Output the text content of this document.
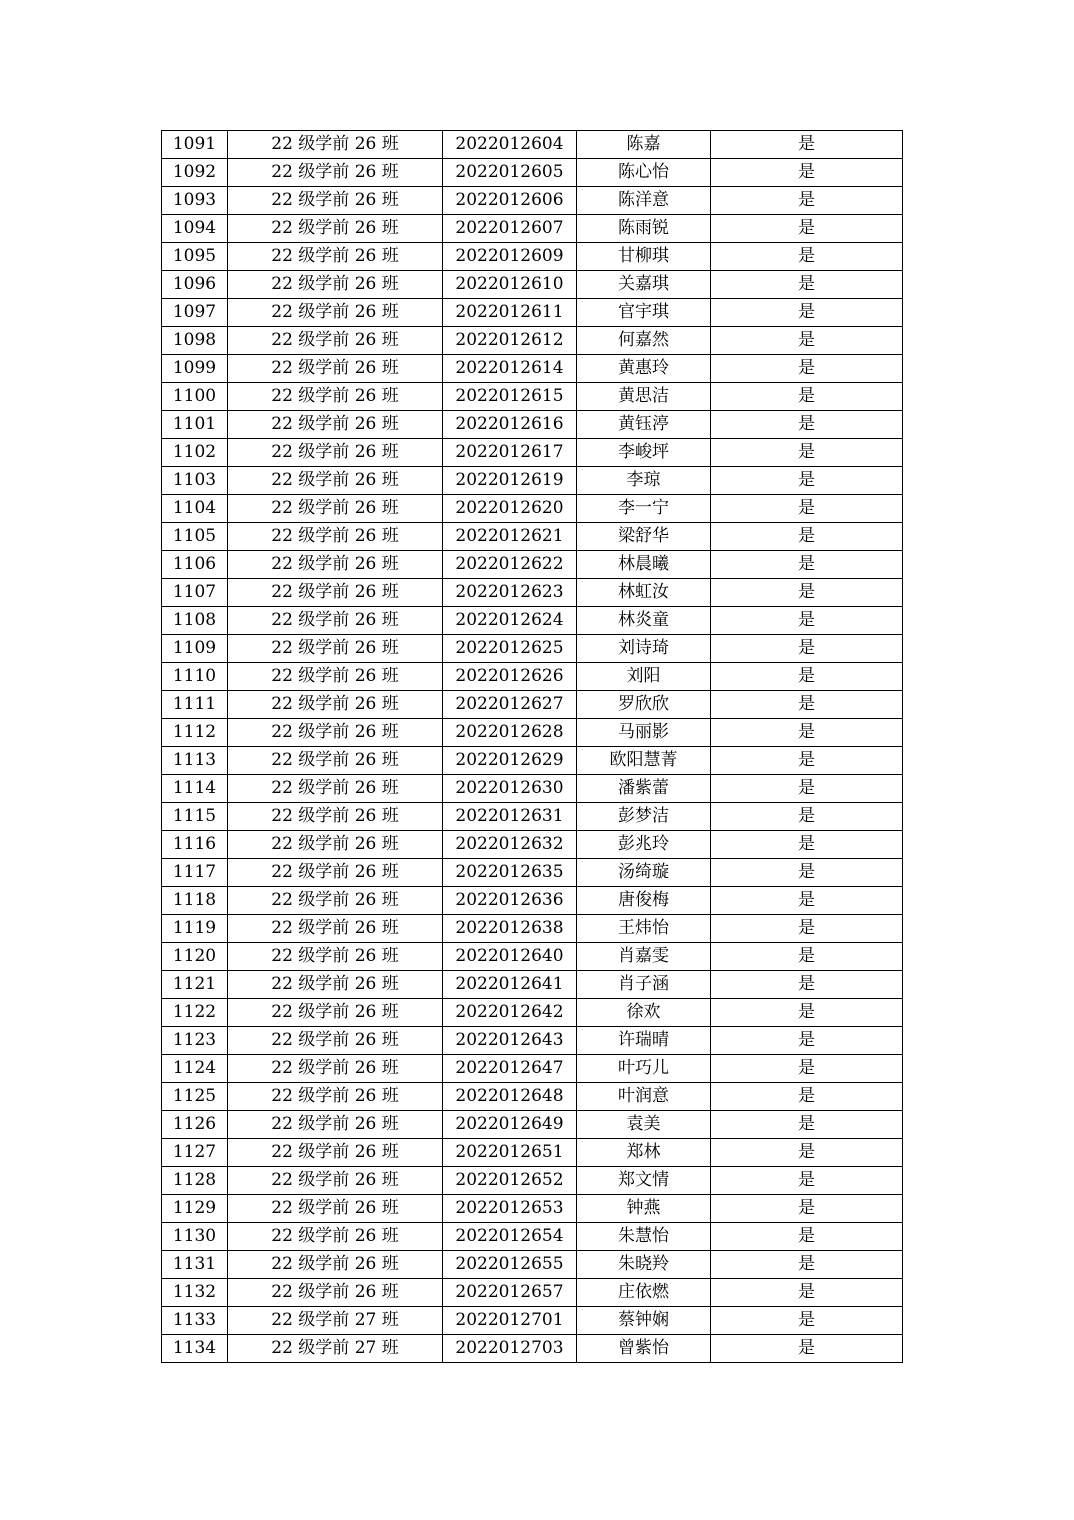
1091	22 级学前 26 班	2022012604	陈嘉	是
1092	22 级学前 26 班	2022012605	陈心怡	是
1093	22 级学前 26 班	2022012606	陈洋意	是
1094	22 级学前 26 班	2022012607	陈雨锐	是
1095	22 级学前 26 班	2022012609	甘柳琪	是
1096	22 级学前 26 班	2022012610	关嘉琪	是
1097	22 级学前 26 班	2022012611	官宇琪	是
1098	22 级学前 26 班	2022012612	何嘉然	是
1099	22 级学前 26 班	2022012614	黄惠玲	是
1100	22 级学前 26 班	2022012615	黄思洁	是
1101	22 级学前 26 班	2022012616	黄钰渟	是
1102	22 级学前 26 班	2022012617	李峻坪	是
1103	22 级学前 26 班	2022012619	李琼	是
1104	22 级学前 26 班	2022012620	李一宁	是
1105	22 级学前 26 班	2022012621	梁舒华	是
1106	22 级学前 26 班	2022012622	林晨曦	是
1107	22 级学前 26 班	2022012623	林虹汝	是
1108	22 级学前 26 班	2022012624	林炎童	是
1109	22 级学前 26 班	2022012625	刘诗琦	是
1110	22 级学前 26 班	2022012626	刘阳	是
1111	22 级学前 26 班	2022012627	罗欣欣	是
1112	22 级学前 26 班	2022012628	马丽影	是
1113	22 级学前 26 班	2022012629	欧阳慧菁	是
1114	22 级学前 26 班	2022012630	潘紫蕾	是
1115	22 级学前 26 班	2022012631	彭梦洁	是
1116	22 级学前 26 班	2022012632	彭兆玲	是
1117	22 级学前 26 班	2022012635	汤绮璇	是
1118	22 级学前 26 班	2022012636	唐俊梅	是
1119	22 级学前 26 班	2022012638	王炜怡	是
1120	22 级学前 26 班	2022012640	肖嘉雯	是
1121	22 级学前 26 班	2022012641	肖子涵	是
1122	22 级学前 26 班	2022012642	徐欢	是
1123	22 级学前 26 班	2022012643	许瑞晴	是
1124	22 级学前 26 班	2022012647	叶巧儿	是
1125	22 级学前 26 班	2022012648	叶润意	是
1126	22 级学前 26 班	2022012649	袁美	是
1127	22 级学前 26 班	2022012651	郑林	是
1128	22 级学前 26 班	2022012652	郑文情	是
1129	22 级学前 26 班	2022012653	钟燕	是
1130	22 级学前 26 班	2022012654	朱慧怡	是
1131	22 级学前 26 班	2022012655	朱晓羚	是
1132	22 级学前 26 班	2022012657	庄依燃	是
1133	22 级学前 27 班	2022012701	蔡钟娴	是
1134	22 级学前 27 班	2022012703	曾紫怡	是
